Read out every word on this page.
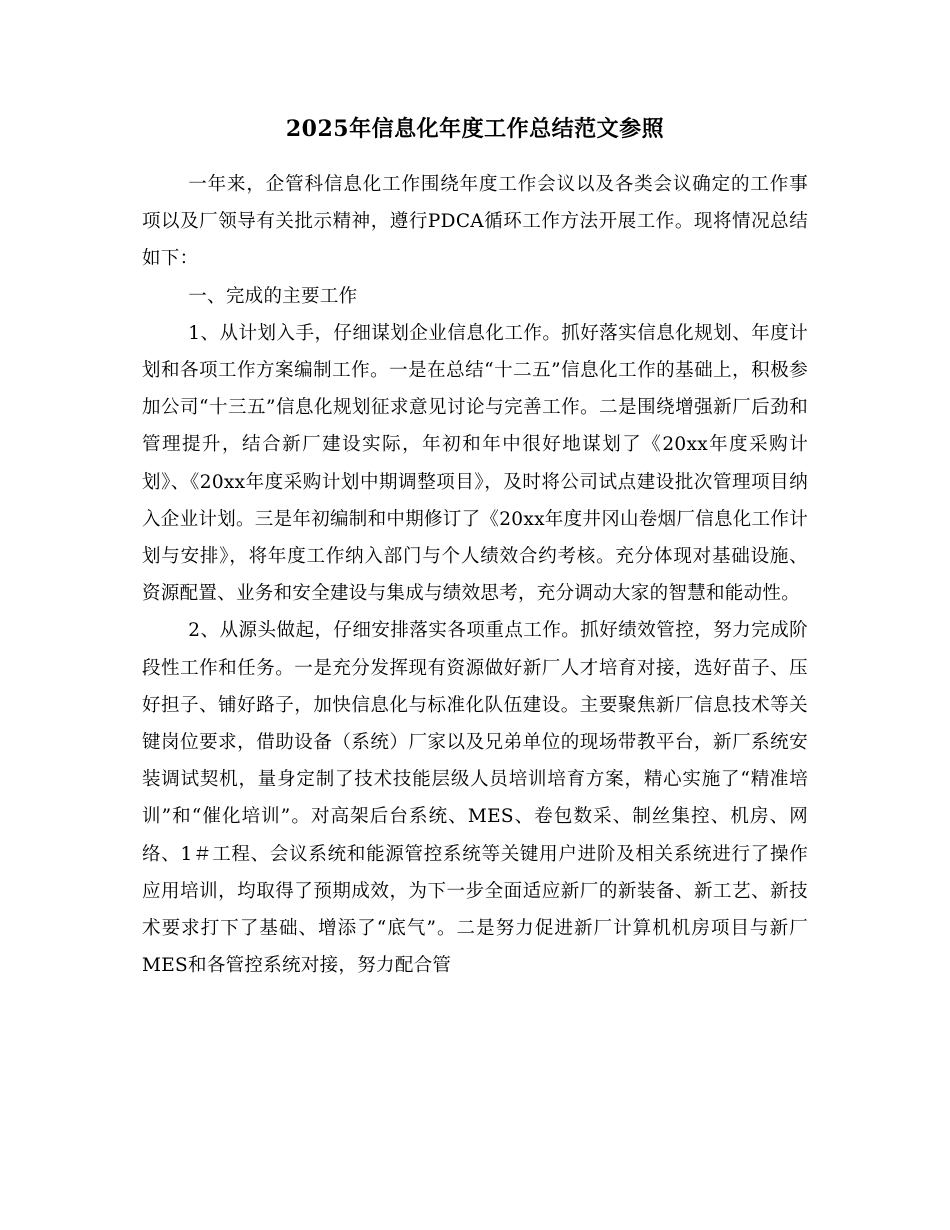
2025年信息化年度工作总结范文参照

一年来，企管科信息化工作围绕年度工作会议以及各类会议确定的工作事项以及厂领导有关批示精神，遵行PDCA循环工作方法开展工作。现将情况总结如下：

一、完成的主要工作

1、从计划入手，仔细谋划企业信息化工作。抓好落实信息化规划、年度计划和各项工作方案编制工作。一是在总结“十二五”信息化工作的基础上，积极参加公司“十三五”信息化规划征求意见讨论与完善工作。二是围绕增强新厂后劲和管理提升，结合新厂建设实际，年初和年中很好地谋划了《20xx年度采购计划》、《20xx年度采购计划中期调整项目》，及时将公司试点建设批次管理项目纳入企业计划。三是年初编制和中期修订了《20xx年度井冈山卷烟厂信息化工作计划与安排》，将年度工作纳入部门与个人绩效合约考核。充分体现对基础设施、资源配置、业务和安全建设与集成与绩效思考，充分调动大家的智慧和能动性。

2、从源头做起，仔细安排落实各项重点工作。抓好绩效管控，努力完成阶段性工作和任务。一是充分发挥现有资源做好新厂人才培育对接，选好苗子、压好担子、铺好路子，加快信息化与标准化队伍建设。主要聚焦新厂信息技术等关键岗位要求，借助设备（系统）厂家以及兄弟单位的现场带教平台，新厂系统安装调试契机，量身定制了技术技能层级人员培训培育方案，精心实施了“精准培训”和“催化培训”。对高架后台系统、MES、卷包数采、制丝集控、机房、网络、1＃工程、会议系统和能源管控系统等关键用户进阶及相关系统进行了操作应用培训，均取得了预期成效，为下一步全面适应新厂的新装备、新工艺、新技术要求打下了基础、增添了“底气”。二是努力促进新厂计算机机房项目与新厂MES和各管控系统对接，努力配合管
